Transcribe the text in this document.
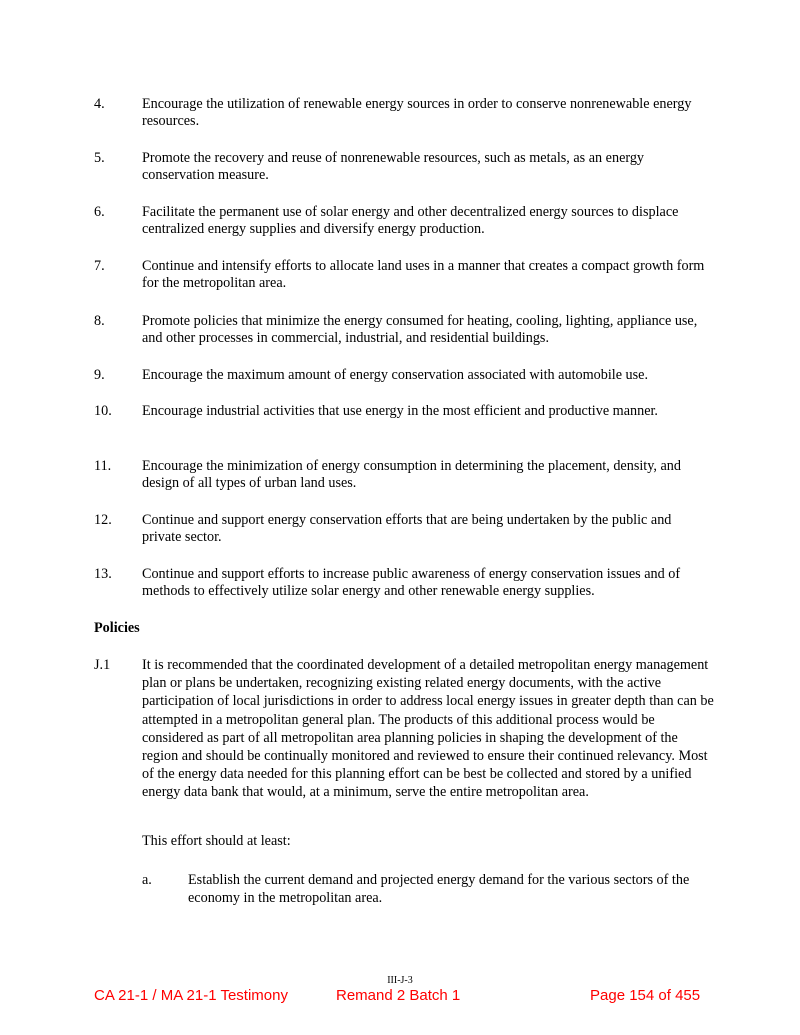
4.	Encourage the utilization of renewable energy sources in order to conserve nonrenewable energy resources.
5.	Promote the recovery and reuse of nonrenewable resources, such as metals, as an energy conservation measure.
6.	Facilitate the permanent use of solar energy and other decentralized energy sources to displace centralized energy supplies and diversify energy production.
7.	Continue and intensify efforts to allocate land uses in a manner that creates a compact growth form for the metropolitan area.
8.	Promote policies that minimize the energy consumed for heating, cooling, lighting, appliance use, and other processes in commercial, industrial, and residential buildings.
9.	Encourage the maximum amount of energy conservation associated with automobile use.
10. Encourage industrial activities that use energy in the most efficient and productive manner.
11. Encourage the minimization of energy consumption in determining the placement, density, and design of all types of urban land uses.
12. Continue and support energy conservation efforts that are being undertaken by the public and private sector.
13. Continue and support efforts to increase public awareness of energy conservation issues and of methods to effectively utilize solar energy and other renewable energy supplies.
Policies
J.1 It is recommended that the coordinated development of a detailed metropolitan energy management plan or plans be undertaken, recognizing existing related energy documents, with the active participation of local jurisdictions in order to address local energy issues in greater depth than can be attempted in a metropolitan general plan. The products of this additional process would be considered as part of all metropolitan area planning policies in shaping the development of the region and should be continually monitored and reviewed to ensure their continued relevancy. Most of the energy data needed for this planning effort can be best be collected and stored by a unified energy data bank that would, at a minimum, serve the entire metropolitan area.
This effort should at least:
a.	Establish the current demand and projected energy demand for the various sectors of the economy in the metropolitan area.
III-J-3
CA 21-1 / MA 21-1 Testimony	Remand 2 Batch 1	Page 154 of 455
